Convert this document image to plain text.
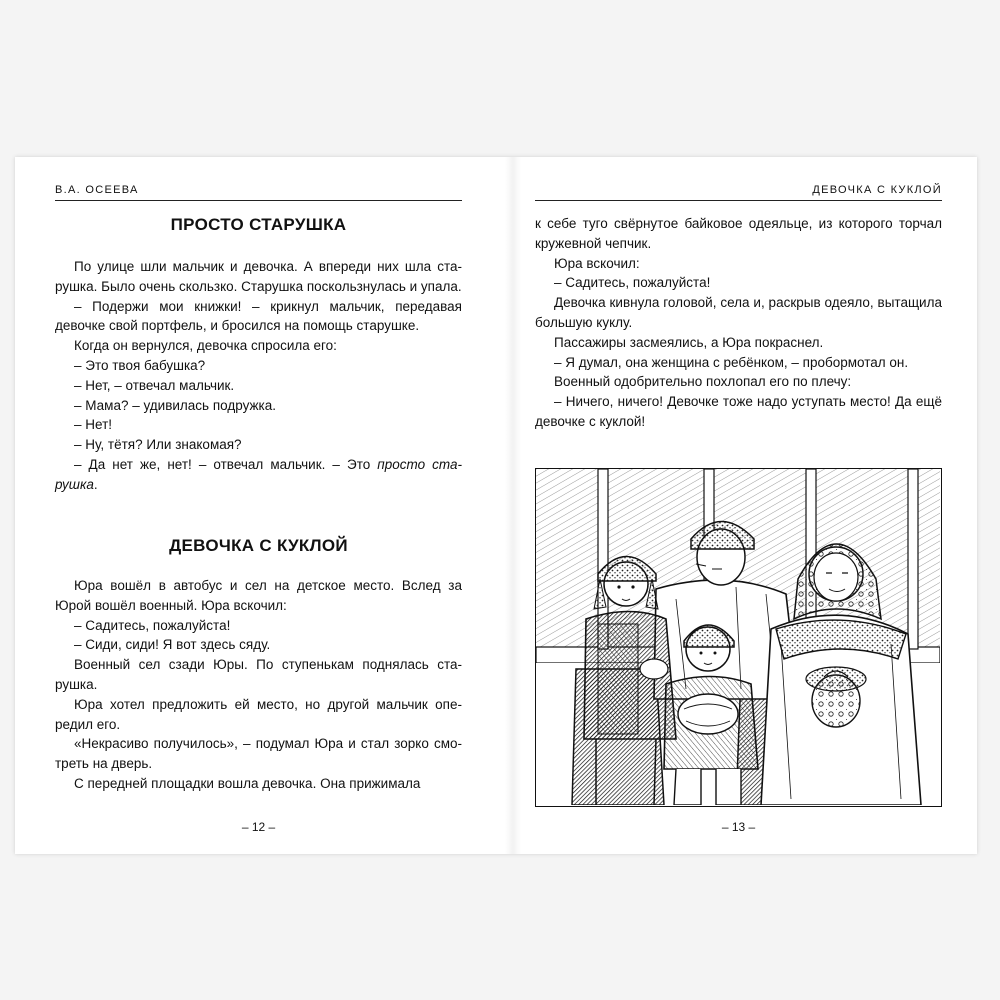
В.А. ОСЕЕВА
ПРОСТО СТАРУШКА

По улице шли мальчик и девочка. А впереди них шла старушка. Было очень скользко. Старушка поскользнулась и упала.

– Подержи мои книжки! – крикнул мальчик, передавая девочке свой портфель, и бросился на помощь старушке.

Когда он вернулся, девочка спросила его:

– Это твоя бабушка?

– Нет, – отвечал мальчик.

– Мама? – удивилась подружка.

– Нет!

– Ну, тётя? Или знакомая?

– Да нет же, нет! – отвечал мальчик. – Это просто старушка.

ДЕВОЧКА С КУКЛОЙ

Юра вошёл в автобус и сел на детское место. Вслед за Юрой вошёл военный. Юра вскочил:

– Садитесь, пожалуйста!

– Сиди, сиди! Я вот здесь сяду.

Военный сел сзади Юры. По ступенькам поднялась старушка.

Юра хотел предложить ей место, но другой мальчик опередил его.

«Некрасиво получилось», – подумал Юра и стал зорко смотреть на дверь.

С передней площадки вошла девочка. Она прижимала

– 12 –
ДЕВОЧКА С КУКЛОЙ

к себе туго свёрнутое байковое одеяльце, из которого торчал кружевной чепчик.

Юра вскочил:

– Садитесь, пожалуйста!

Девочка кивнула головой, села и, раскрыв одеяло, вытащила большую куклу.

Пассажиры засмеялись, а Юра покраснел.

– Я думал, она женщина с ребёнком, – пробормотал он.

Военный одобрительно похлопал его по плечу:

– Ничего, ничего! Девочке тоже надо уступать место! Да ещё девочке с куклой!

– 13 –
